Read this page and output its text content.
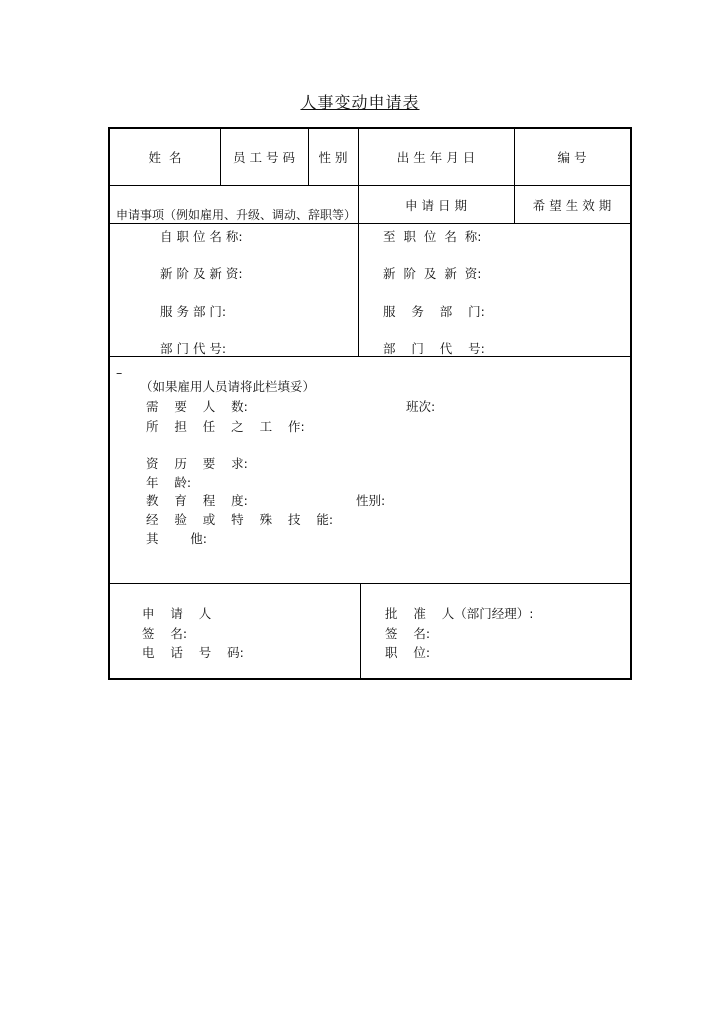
人事变动申请表
姓  名	员 工 号 码	性 别	出 生 年 月 日	编 号
申请事项（例如雇用、升级、调动、辞职等）
申 请 日 期	希 望 生 效 期
自 职 位 名 称:
新 阶 及 新 资:
服 务 部 门:
部 门 代 号:
至  职  位  名  称:
新  阶  及  新  资:
服    务    部    门:
部    门    代    号:
–
（如果雇用人员请将此栏填妥）
需    要    人    数:	班次:
所    担    任    之    工    作:
资    历    要    求:
年    龄:
教    育    程    度:	性别:
经    验    或    特    殊    技    能:
其        他:
申    请    人
签    名:
电    话    号    码:
批    准    人（部门经理）:
签    名:
职    位:
